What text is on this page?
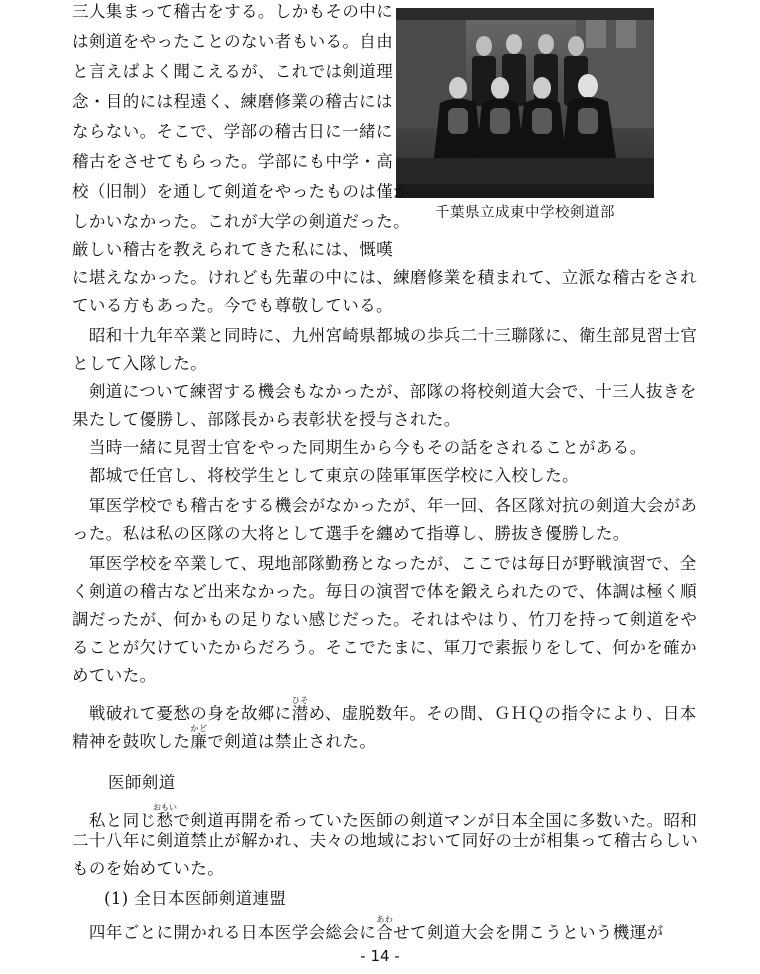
千葉県立成東中学校剣道部
三人集まって稽古をする。しかもその中に
は剣道をやったことのない者もいる。自由
と言えばよく聞こえるが、これでは剣道理
念・目的には程遠く、練磨修業の稽古には
ならない。そこで、学部の稽古日に一緒に
稽古をさせてもらった。学部にも中学・高
校（旧制）を通して剣道をやったものは僅か
しかいなかった。これが大学の剣道だった。
厳しい稽古を教えられてきた私には、慨嘆
に堪えなかった。けれども先輩の中には、練磨修業を積まれて、立派な稽古をされ
ている方もあった。今でも尊敬している。
　昭和十九年卒業と同時に、九州宮崎県都城の歩兵二十三聯隊に、衛生部見習士官
として入隊した。
　剣道について練習する機会もなかったが、部隊の将校剣道大会で、十三人抜きを
果たして優勝し、部隊長から表彰状を授与された。
　当時一緒に見習士官をやった同期生から今もその話をされることがある。
　都城で任官し、将校学生として東京の陸軍軍医学校に入校した。
　軍医学校でも稽古をする機会がなかったが、年一回、各区隊対抗の剣道大会があ
った。私は私の区隊の大将として選手を纏めて指導し、勝抜き優勝した。
　軍医学校を卒業して、現地部隊勤務となったが、ここでは毎日が野戦演習で、全
く剣道の稽古など出来なかった。毎日の演習で体を鍛えられたので、体調は極く順
調だったが、何かもの足りない感じだった。それはやはり、竹刀を持って剣道をや
ることが欠けていたからだろう。そこでたまに、軍刀で素振りをして、何かを確か
めていた。
　戦破れて憂愁の身を故郷に潜ひそめ、虚脱数年。その間、ＧＨＱの指令により、日本
精神を鼓吹した廉かどで剣道は禁止された。
医師剣道
　私と同じ愁おもいで剣道再開を希っていた医師の剣道マンが日本全国に多数いた。昭和
二十八年に剣道禁止が解かれ、夫々の地域において同好の士が相集って稽古らしい
ものを始めていた。
(1) 全日本医師剣道連盟
　四年ごとに開かれる日本医学会総会に合あわせて剣道大会を開こうという機運が
- 14 -
